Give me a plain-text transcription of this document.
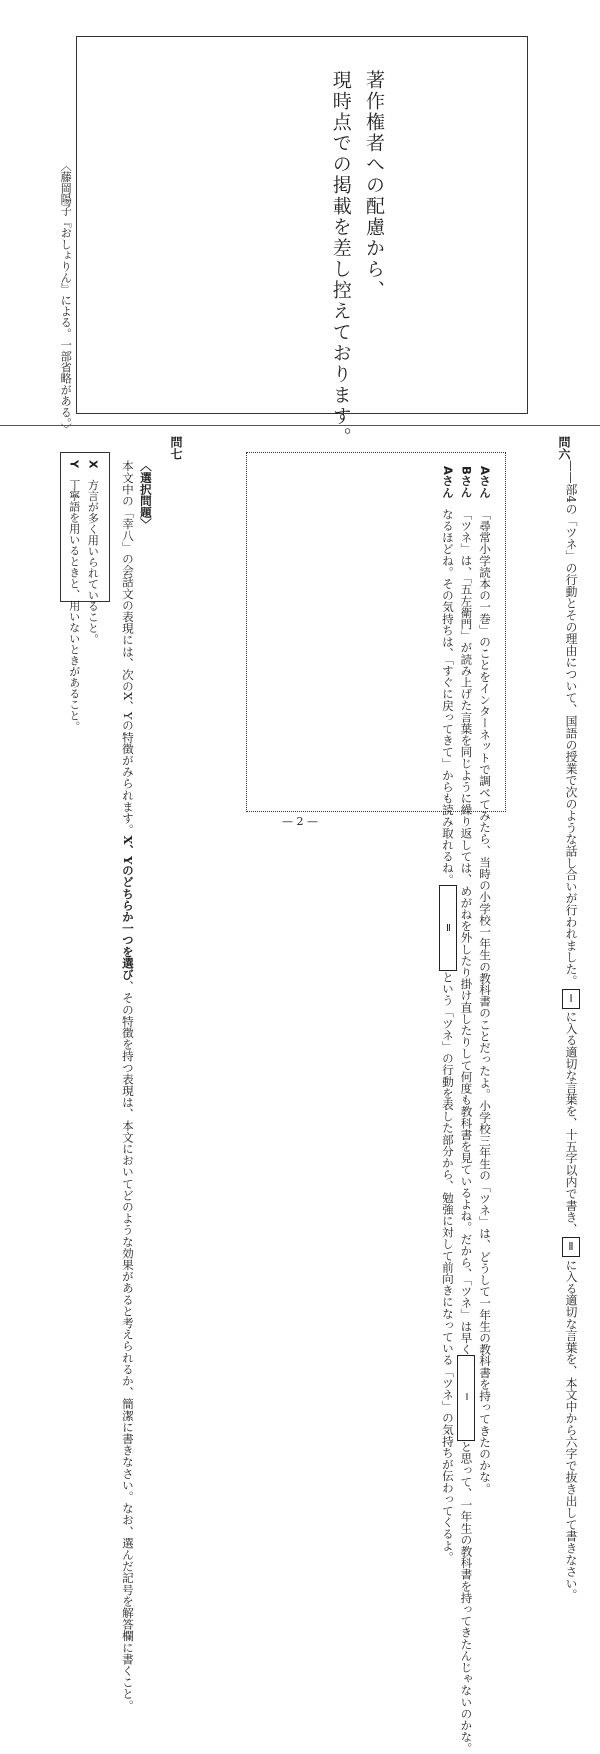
著作権者への配慮から、
現時点での掲載を差し控えております。
〈藤岡陽子『おしょりん』による。一部省略がある。〉
問六
——部4の「ツネ」の行動とその理由について、国語の授業で次のような話し合いが行われました。Ⅰに入る適切な言葉を、十五字以内で書き、Ⅱに入る適切な言葉を、本文中から六字で抜き出して書きなさい。
Aさん「尋常小学読本の一巻」のことをインターネットで調べてみたら、当時の小学校一年生の教科書のことだったよ。小学校三年生の「ツネ」は、どうして一年生の教科書を持ってきたのかな。
Bさん「ツネ」は、「五左衛門」が読み上げた言葉を同じように繰り返しては、めがねを外したり掛け直したりして何度も教科書を見ているよね。だから、「ツネ」は早くⅠと思って、一年生の教科書を持ってきたんじゃないのかな。
Aさんなるほどね。その気持ちは、「すぐに戻ってきて」からも読み取れるね。Ⅱという「ツネ」の行動を表した部分から、勉強に対して前向きになっている「ツネ」の気持ちが伝わってくるよ。
問七
〈選択問題〉
本文中の「幸八」の会話文の表現には、次のX、Yの特徴がみられます。X、Yのどちらか一つを選び、その特徴を持つ表現は、本文においてどのような効果があると考えられるか、簡潔に書きなさい。なお、選んだ記号を解答欄に書くこと。
X　方言が多く用いられていること。
Y　丁寧語を用いるときと、用いないときがあること。
— 2 —
